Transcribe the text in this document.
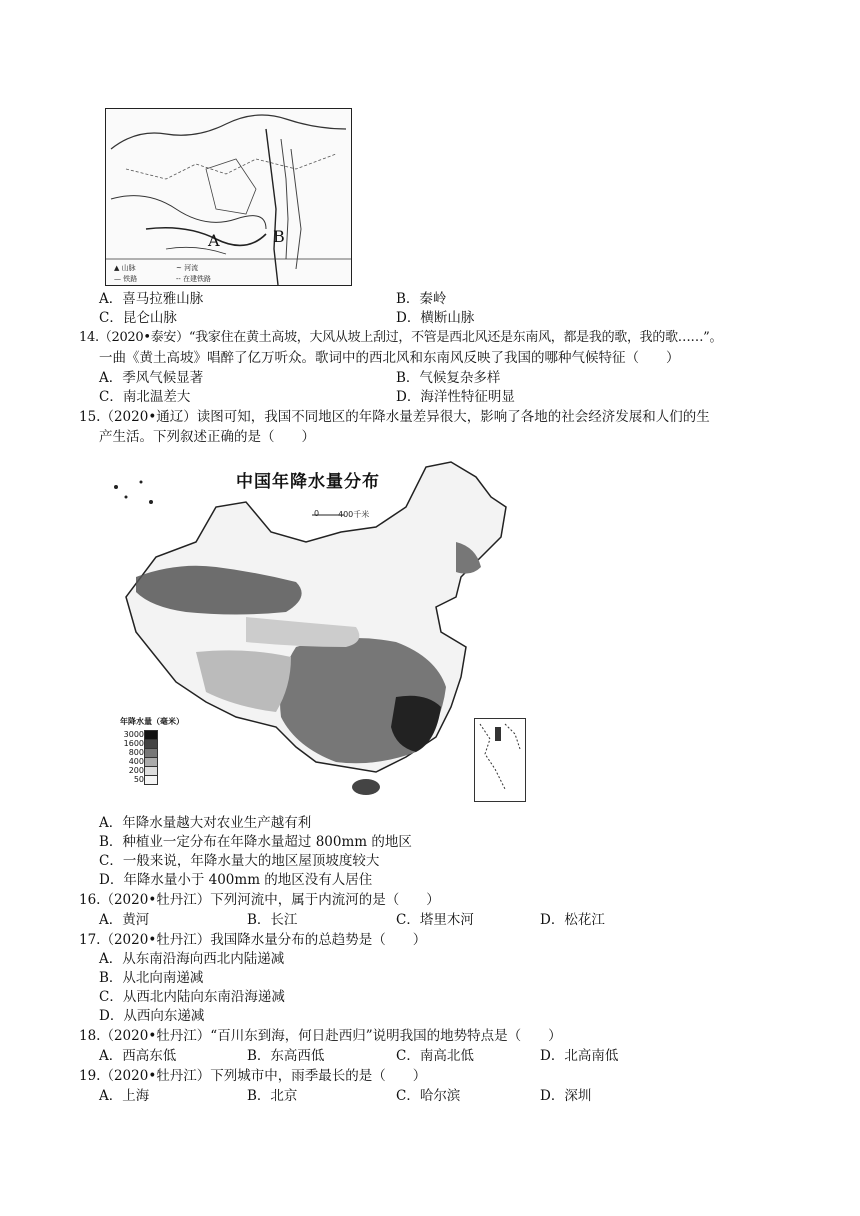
▲ 山脉
— 铁路
~ 河流
-- 在建铁路
A	B
A．喜马拉雅山脉	B．秦岭
C．昆仑山脉	D．横断山脉
14.（2020•泰安）“我家住在黄土高坡，大风从坡上刮过，不管是西北风还是东南风，都是我的歌，我的歌……”。
一曲《黄土高坡》唱醉了亿万听众。歌词中的西北风和东南风反映了我国的哪种气候特征（　　）
A．季风气候显著	B．气候复杂多样
C．南北温差大	D．海洋性特征明显
15.（2020•通辽）读图可知，我国不同地区的年降水量差异很大，影响了各地的社会经济发展和人们的生
产生活。下列叙述正确的是（　　）
中国年降水量分布
0 400千米
年降水量（毫米）
3000
1600
800
400
200
50
A．年降水量越大对农业生产越有利
B．种植业一定分布在年降水量超过 800mm 的地区
C．一般来说，年降水量大的地区屋顶坡度较大
D．年降水量小于 400mm 的地区没有人居住
16.（2020•牡丹江）下列河流中，属于内流河的是（　　）
A．黄河	B．长江	C．塔里木河	D．松花江
17.（2020•牡丹江）我国降水量分布的总趋势是（　　）
A．从东南沿海向西北内陆递减
B．从北向南递减
C．从西北内陆向东南沿海递减
D．从西向东递减
18.（2020•牡丹江）“百川东到海，何日赴西归”说明我国的地势特点是（　　）
A．西高东低	B．东高西低	C．南高北低	D．北高南低
19.（2020•牡丹江）下列城市中，雨季最长的是（　　）
A．上海	B．北京	C．哈尔滨	D．深圳
